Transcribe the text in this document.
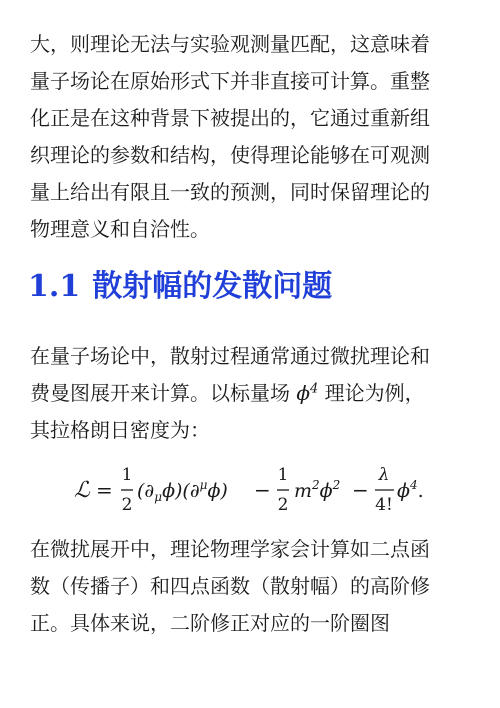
大，则理论无法与实验观测量匹配，这意味着
量子场论在原始形式下并非直接可计算。重整
化正是在这种背景下被提出的，它通过重新组
织理论的参数和结构，使得理论能够在可观测
量上给出有限且一致的预测，同时保留理论的
物理意义和自洽性。

1.1 散射幅的发散问题

在量子场论中，散射过程通常通过微扰理论和
费曼图展开来计算。以标量场 $\phi^4$ 理论为例，
其拉格朗日密度为：

ℒ =
1
2
$(\partial_\mu\phi)(\partial^\mu\phi)$ −
1
2
$m^2\phi^2$ −
λ
4!
$\phi^4$.

在微扰展开中，理论物理学家会计算如二点函
数（传播子）和四点函数（散射幅）的高阶修
正。具体来说，二阶修正对应的一阶圈图
